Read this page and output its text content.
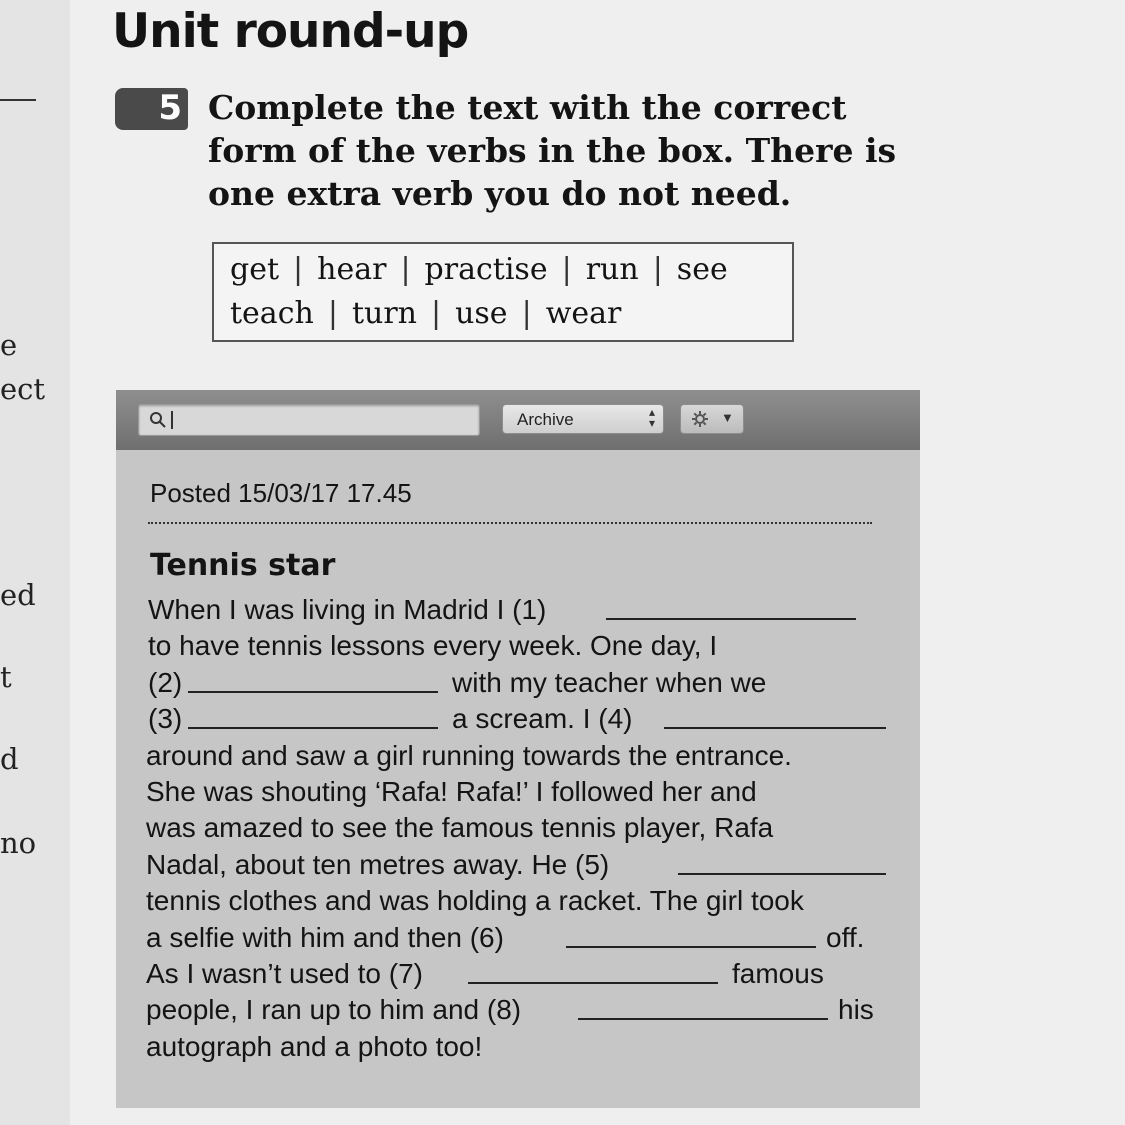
e
ect
ed
t
d
no
Unit round-up
5 Complete the text with the correct form of the verbs in the box. There is one extra verb you do not need.
get | hear | practise | run | see
teach | turn | use | wear
Archive	▴
▾	▼
Posted 15/03/17 17.45
Tennis star
When I was living in Madrid I (1)
to have tennis lessons every week. One day, I
(2)	with my teacher when we
(3)	a scream. I (4)
around and saw a girl running towards the entrance.
She was shouting ‘Rafa! Rafa!’ I followed her and
was amazed to see the famous tennis player, Rafa
Nadal, about ten metres away. He (5)
tennis clothes and was holding a racket. The girl took
a selfie with him and then (6)	off.
As I wasn’t used to (7)	famous
people, I ran up to him and (8)	his
autograph and a photo too!
